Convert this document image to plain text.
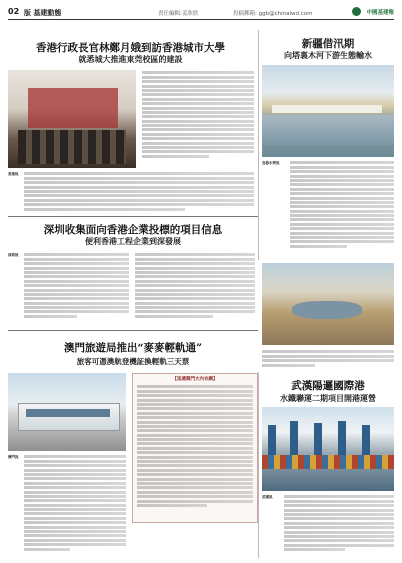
02 版 基建動態	責任編輯:姜欣欣	投稿郵箱: ggb@chinaiwd.com	中國基建報
香港行政長官林鄭月娥到訪香港城市大學
就悉城大推進東莞校區的建設
香港訊
新疆借汛期
向塔裏木河下游生態輸水
烏魯木齊訊
深圳收集面向香港企業投標的項目信息
便利香港工程企業到深發展
深圳訊
澳門旅遊局推出“麥麥輕軌通”
旅客可憑澳航登機証換輕軌三天票
【延遞閱門大內衣網】
澳門訊
武漢陽邏國際港
水鐵聯運二期項目開港運營
武漢訊
